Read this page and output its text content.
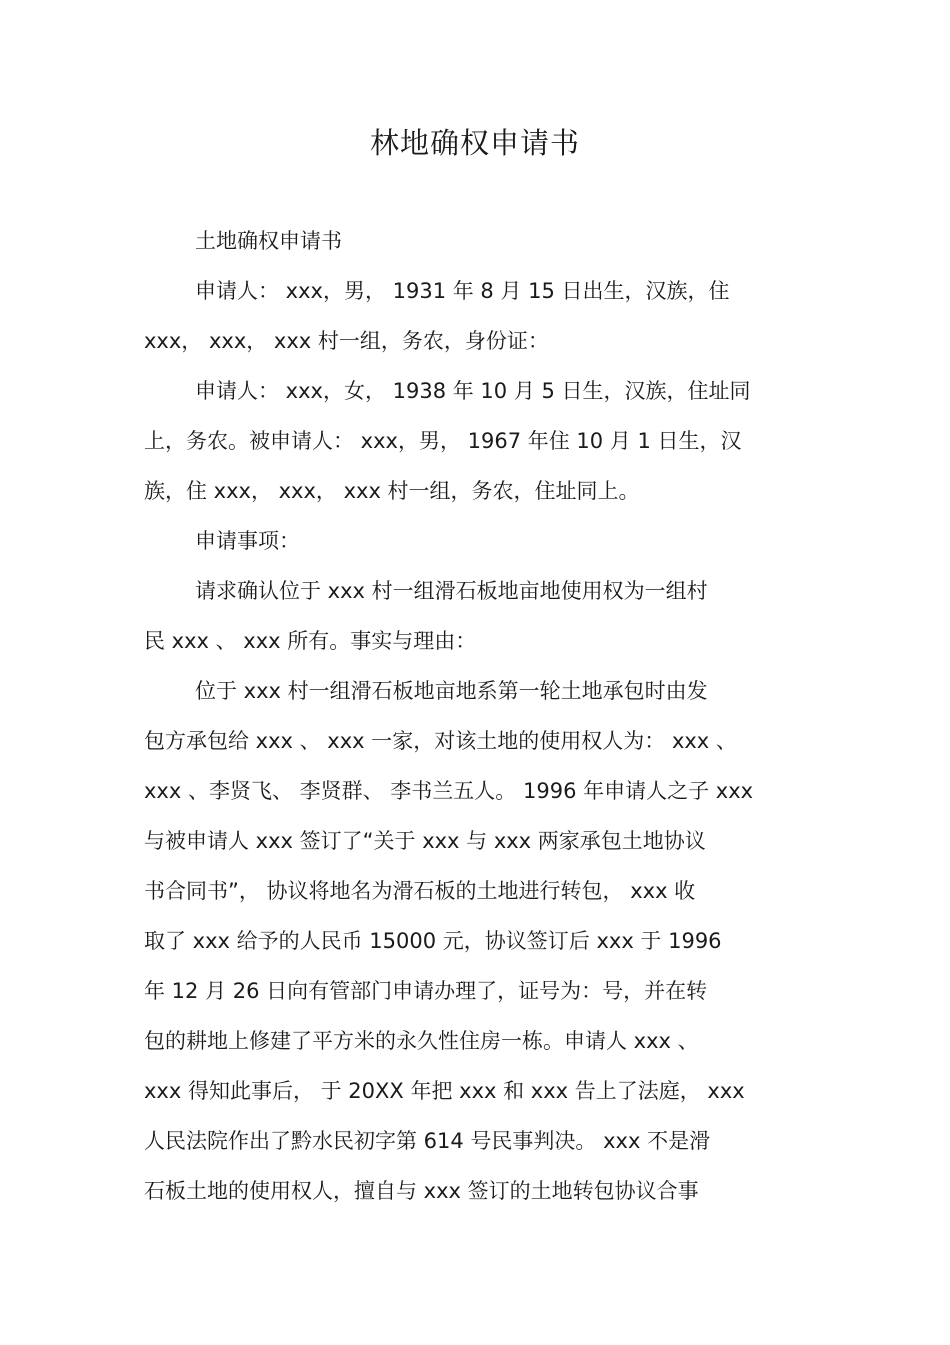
林地确权申请书
土地确权申请书
申请人： xxx，男， 1931 年 8 月 15 日出生，汉族，住
xxx， xxx， xxx 村一组，务农，身份证：
申请人： xxx，女， 1938 年 10 月 5 日生，汉族，住址同
上，务农。被申请人： xxx，男， 1967 年住 10 月 1 日生，汉
族，住 xxx， xxx， xxx 村一组，务农，住址同上。
申请事项：
请求确认位于 xxx 村一组滑石板地亩地使用权为一组村
民 xxx 、 xxx 所有。事实与理由：
位于 xxx 村一组滑石板地亩地系第一轮土地承包时由发
包方承包给 xxx 、 xxx 一家，对该土地的使用权人为： xxx 、
xxx 、李贤飞、 李贤群、 李书兰五人。 1996 年申请人之子 xxx
与被申请人 xxx 签订了“关于 xxx 与 xxx 两家承包土地协议
书合同书”， 协议将地名为滑石板的土地进行转包， xxx 收
取了 xxx 给予的人民币 15000 元，协议签订后 xxx 于 1996
年 12 月 26 日向有管部门申请办理了，证号为：号，并在转
包的耕地上修建了平方米的永久性住房一栋。申请人 xxx 、
xxx 得知此事后， 于 20XX 年把 xxx 和 xxx 告上了法庭， xxx
人民法院作出了黔水民初字第 614 号民事判决。 xxx 不是滑
石板土地的使用权人，擅自与 xxx 签订的土地转包协议合事
